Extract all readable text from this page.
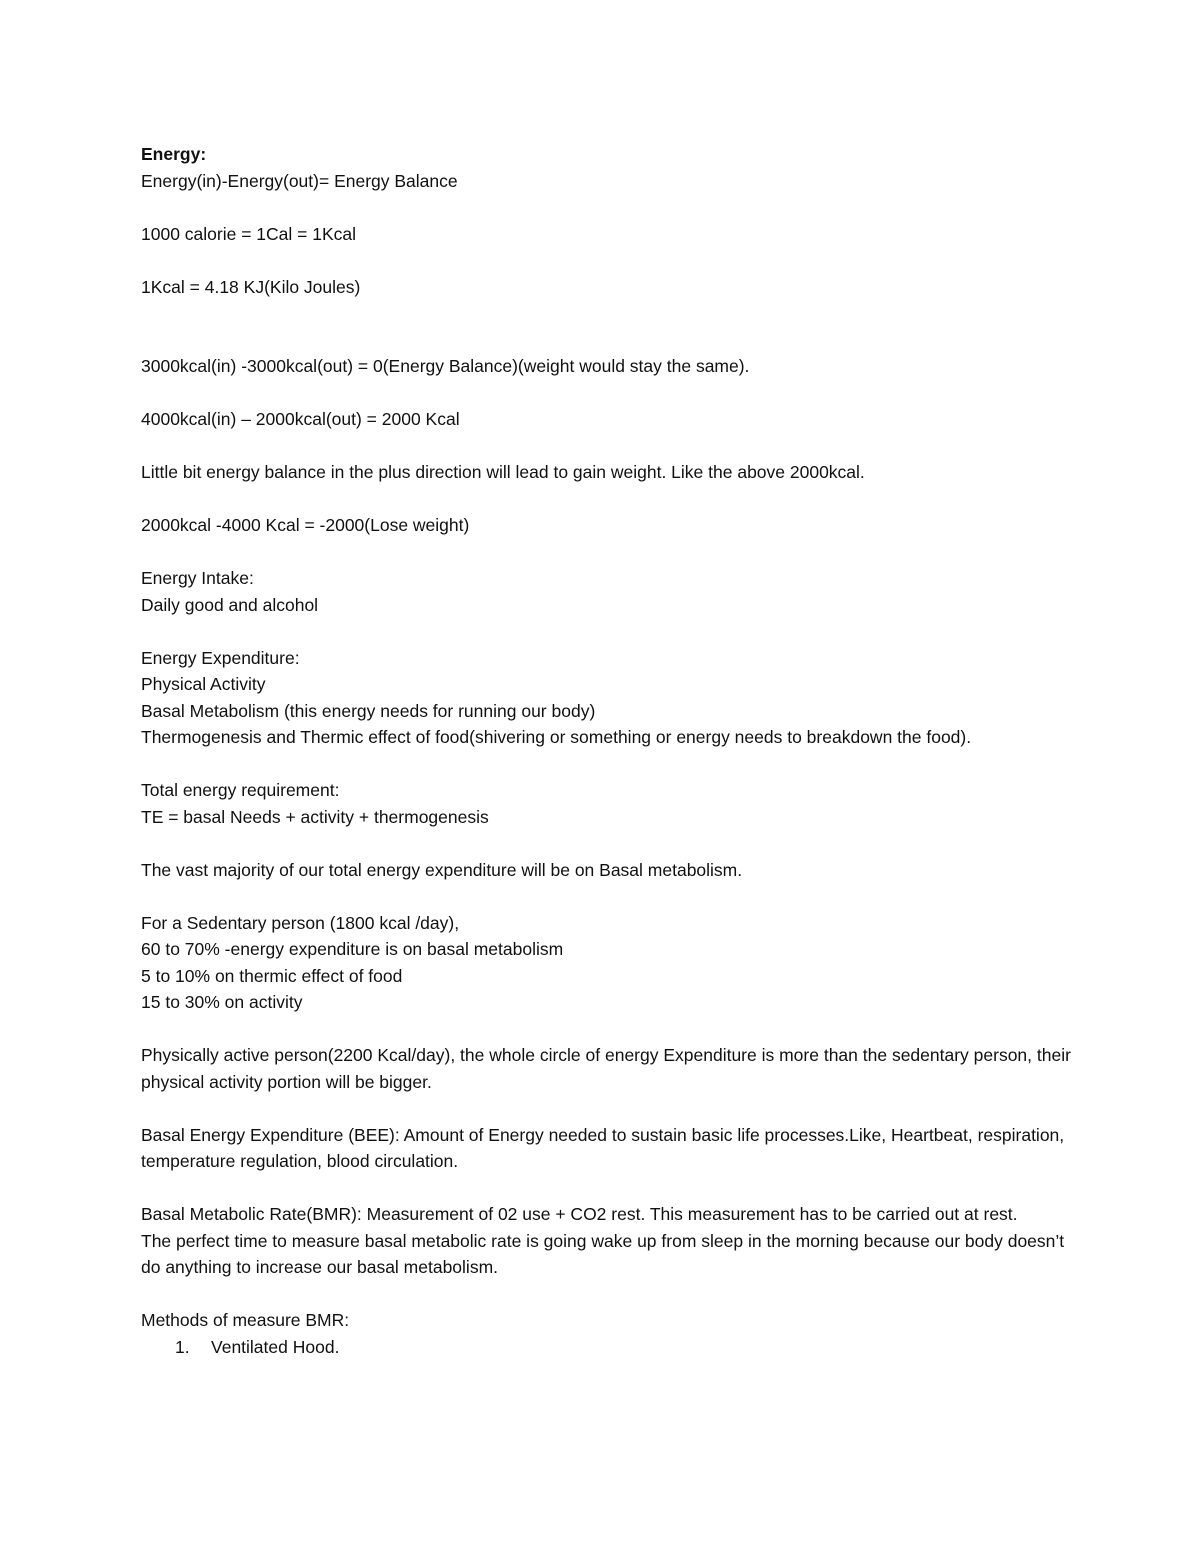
Energy:

Energy(in)-Energy(out)= Energy Balance

1000 calorie = 1Cal = 1Kcal

1Kcal = 4.18 KJ(Kilo Joules)

3000kcal(in) -3000kcal(out) = 0(Energy Balance)(weight would stay the same).

4000kcal(in) – 2000kcal(out) = 2000 Kcal

Little bit energy balance in the plus direction will lead to gain weight. Like the above 2000kcal.

2000kcal -4000 Kcal = -2000(Lose weight)

Energy Intake:

Daily good and alcohol

Energy Expenditure:

Physical Activity

Basal Metabolism (this energy needs for running our body)

Thermogenesis and Thermic effect of food(shivering or something or energy needs to breakdown the food).

Total energy requirement:

TE = basal Needs + activity + thermogenesis

The vast majority of our total energy expenditure will be on Basal metabolism.

For a Sedentary person (1800 kcal /day),

60 to 70% -energy expenditure is on basal metabolism

5 to 10% on thermic effect of food

15 to 30% on activity

Physically active person(2200 Kcal/day), the whole circle of energy Expenditure is more than the sedentary person, their physical activity portion will be bigger.

Basal Energy Expenditure (BEE): Amount of Energy needed to sustain basic life processes.Like, Heartbeat, respiration, temperature regulation, blood circulation.

Basal Metabolic Rate(BMR): Measurement of 02 use + CO2 rest. This measurement has to be carried out at rest.

The perfect time to measure basal metabolic rate is going wake up from sleep in the morning because our body doesn’t do anything to increase our basal metabolism.

Methods of measure BMR:

1. Ventilated Hood.
